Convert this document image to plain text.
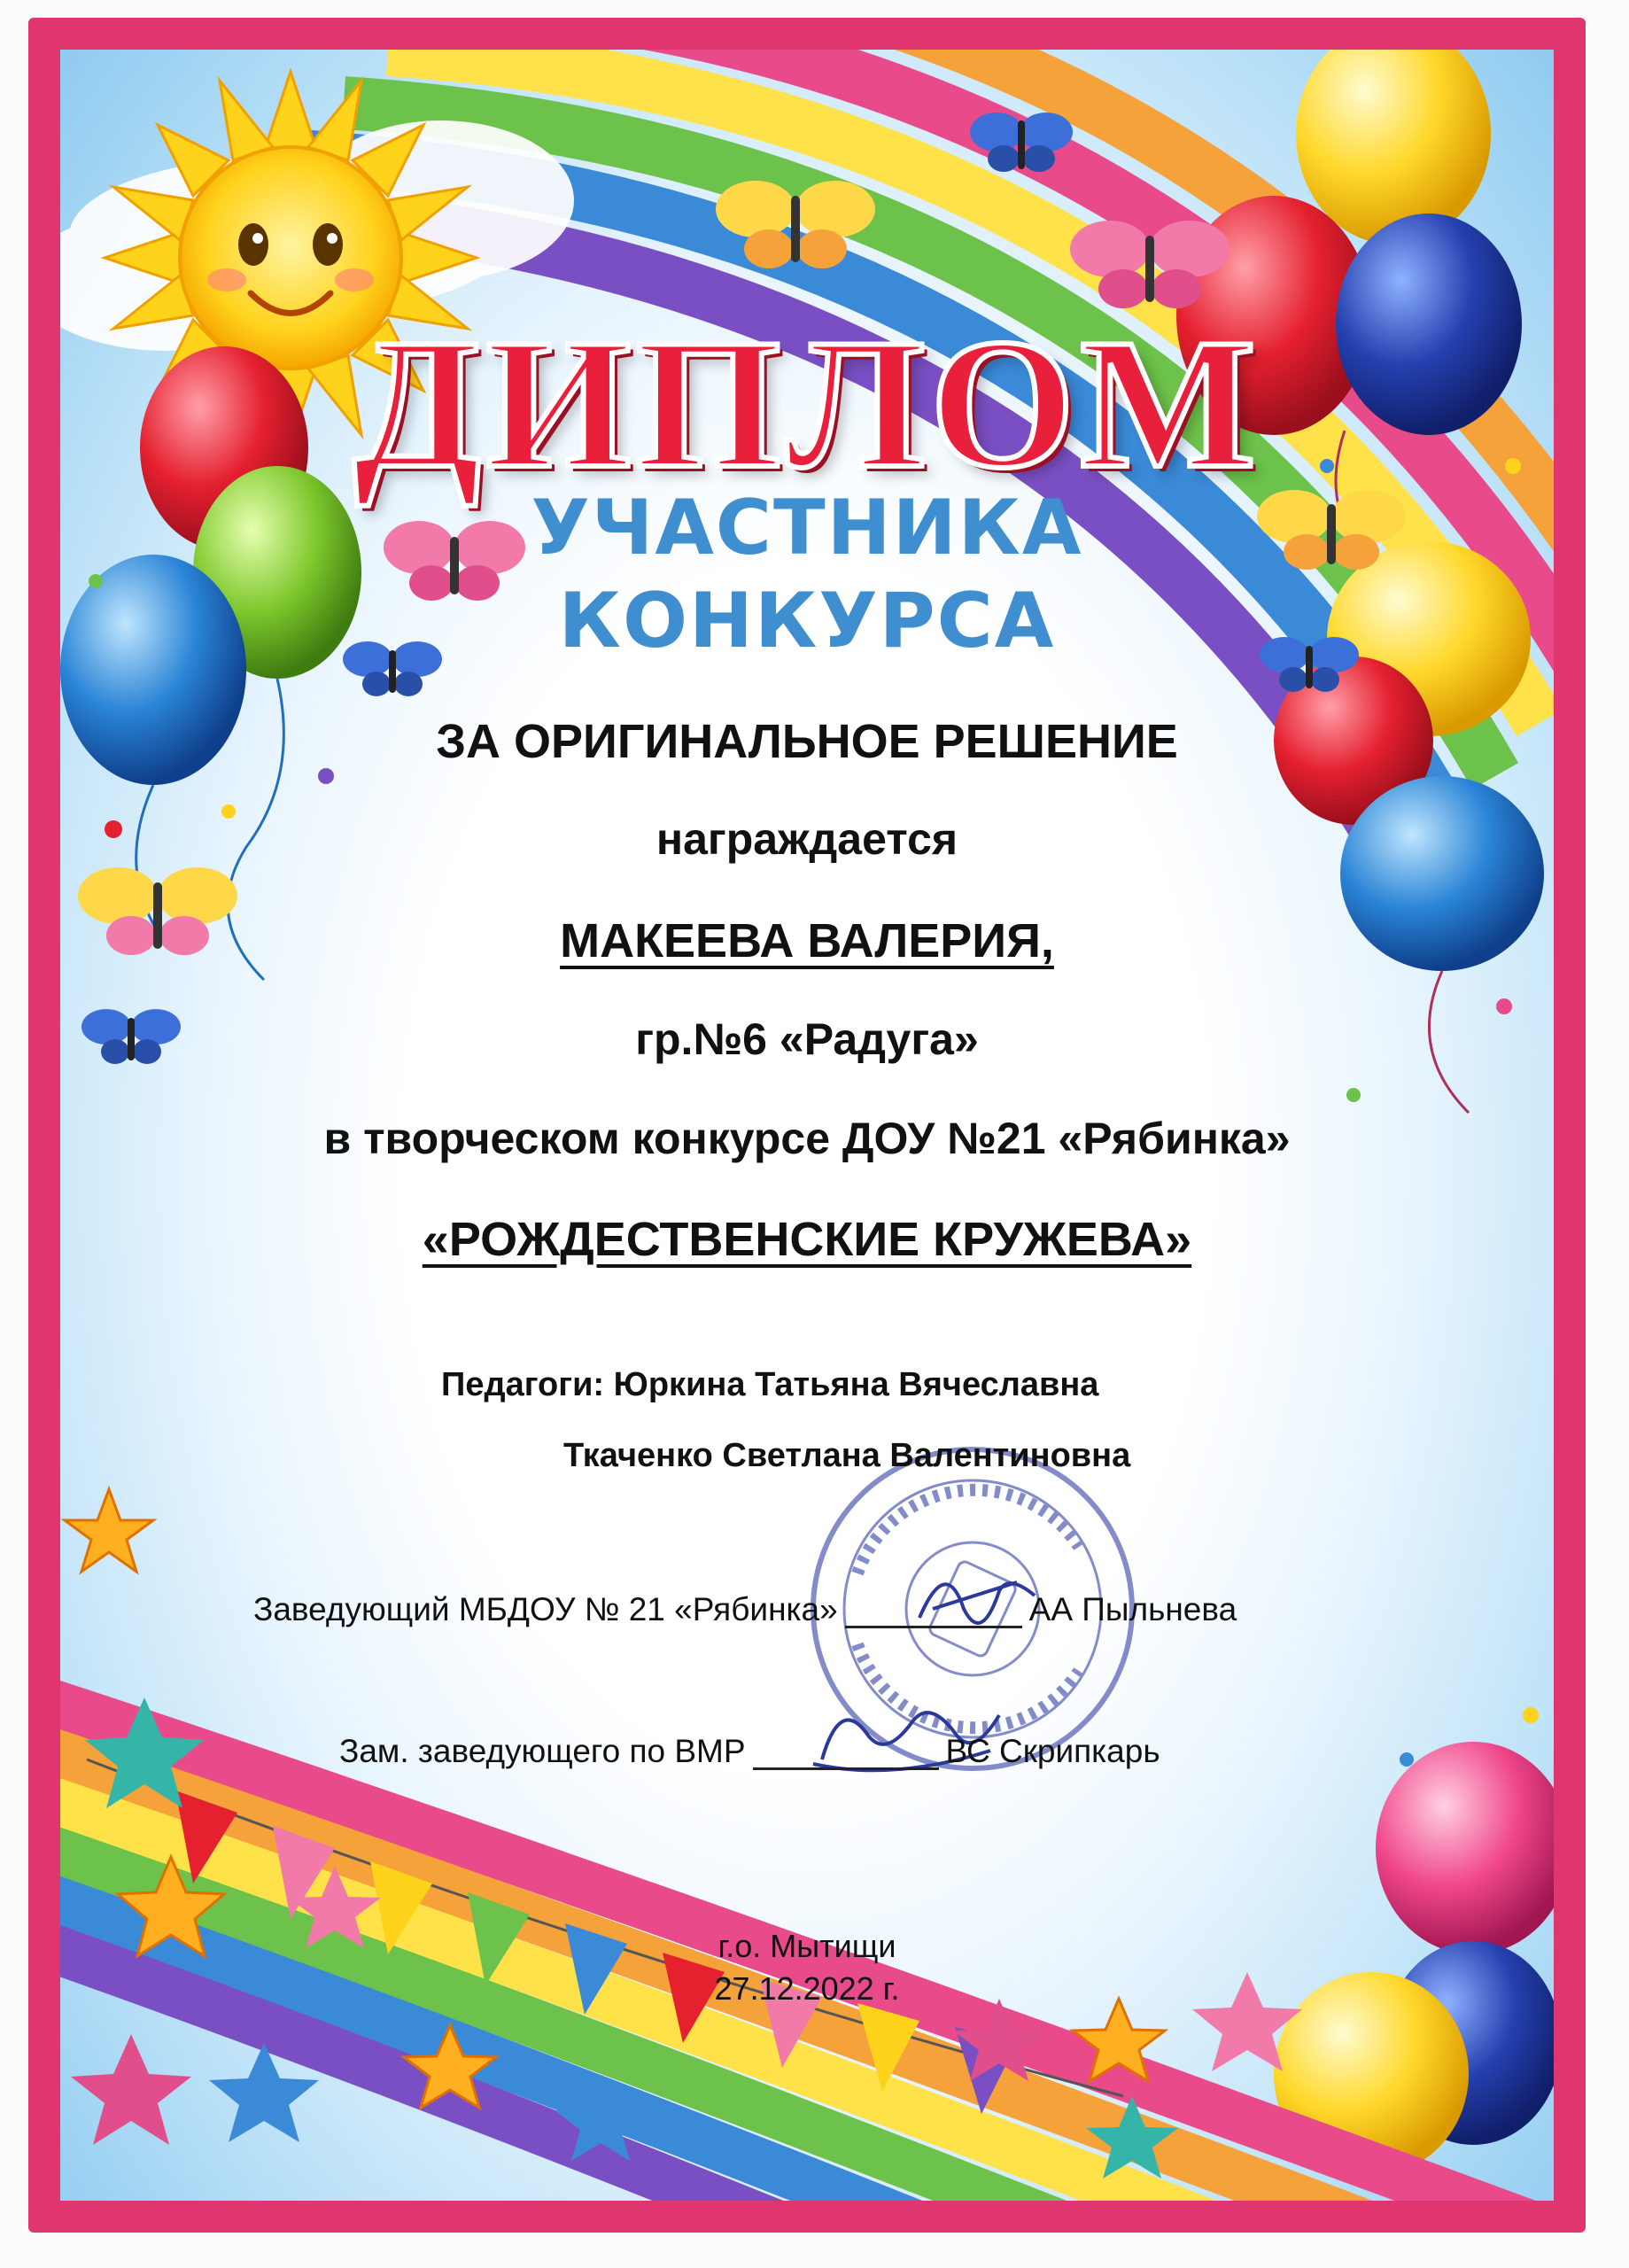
ДИПЛОМ
УЧАСТНИКА
КОНКУРСА
ЗА ОРИГИНАЛЬНОЕ РЕШЕНИЕ
награждается
МАКЕЕВА ВАЛЕРИЯ,
гр.№6 «Радуга»
в творческом конкурсе ДОУ №21 «Рябинка»
«РОЖДЕСТВЕНСКИЕ КРУЖЕВА»
Педагоги: Юркина Татьяна Вячеславна
Ткаченко Светлана Валентиновна
Заведующий МБДОУ № 21 «Рябинка»	АА Пыльнева
Зам. заведующего по ВМР	ВС Скрипкарь
г.о. Мытищи
27.12.2022 г.
